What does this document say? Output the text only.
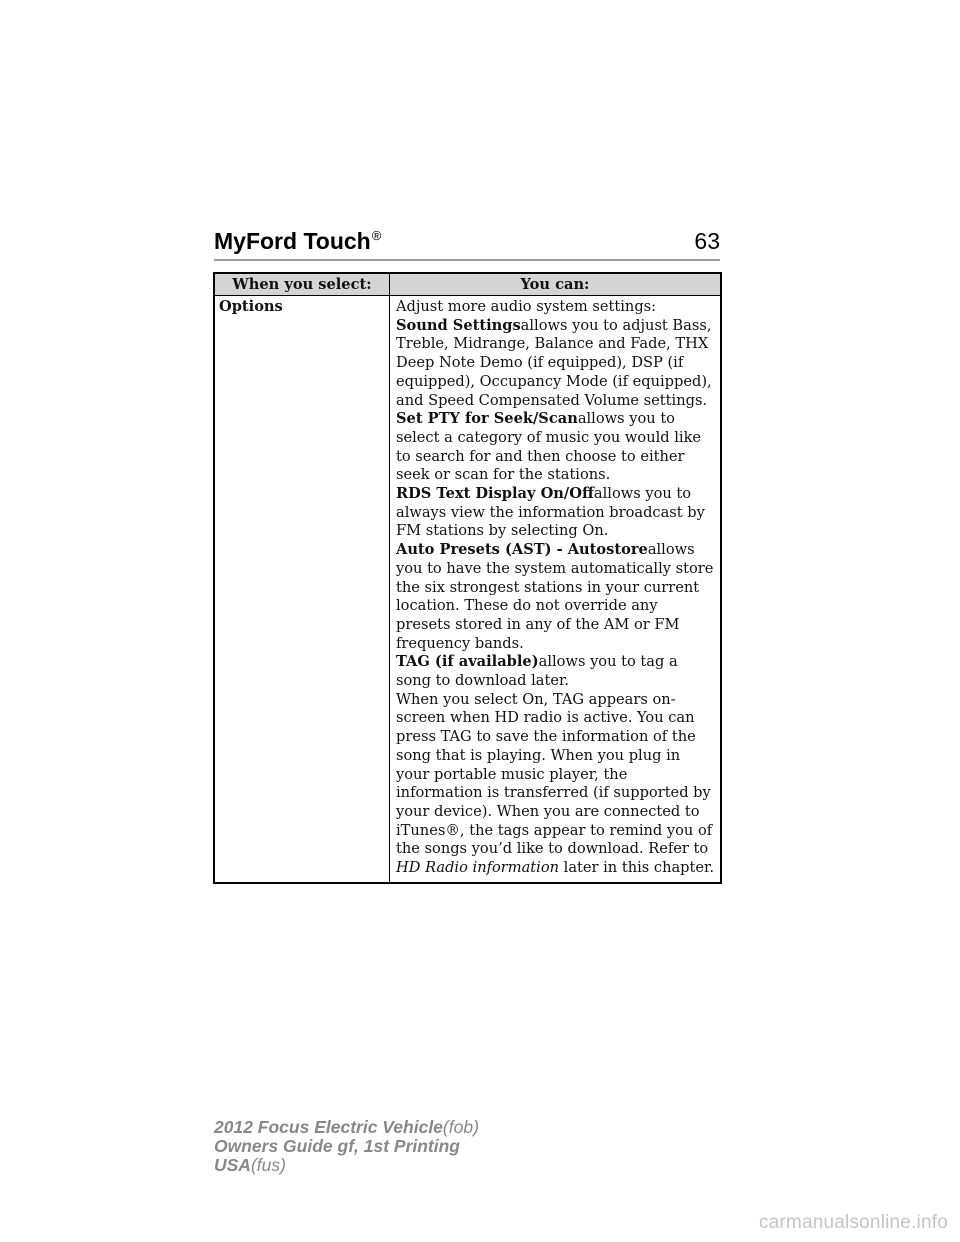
MyFord Touch®	63
When you select:	You can:
Options	Adjust more audio system settings:

Sound Settingsallows you to adjust Bass, Treble, Midrange, Balance and Fade, THX Deep Note Demo (if equipped), DSP (if equipped), Occupancy Mode (if equipped), and Speed Compensated Volume settings.

Set PTY for Seek/Scanallows you to select a category of music you would like to search for and then choose to either seek or scan for the stations.

RDS Text Display On/Offallows you to always view the information broadcast by FM stations by selecting On.

Auto Presets (AST) - Autostoreallows you to have the system automatically store the six strongest stations in your current location. These do not override any presets stored in any of the AM or FM frequency bands.

TAG (if available)allows you to tag a song to download later.

When you select On, TAG appears on-screen when HD radio is active. You can press TAG to save the information of the song that is playing. When you plug in your portable music player, the information is transferred (if supported by your device). When you are connected to iTunes®, the tags appear to remind you of the songs you’d like to download. Refer to HD Radio information later in this chapter.

2012 Focus Electric Vehicle(fob)
Owners Guide gf, 1st Printing
USA(fus)
carmanualsonline.info
